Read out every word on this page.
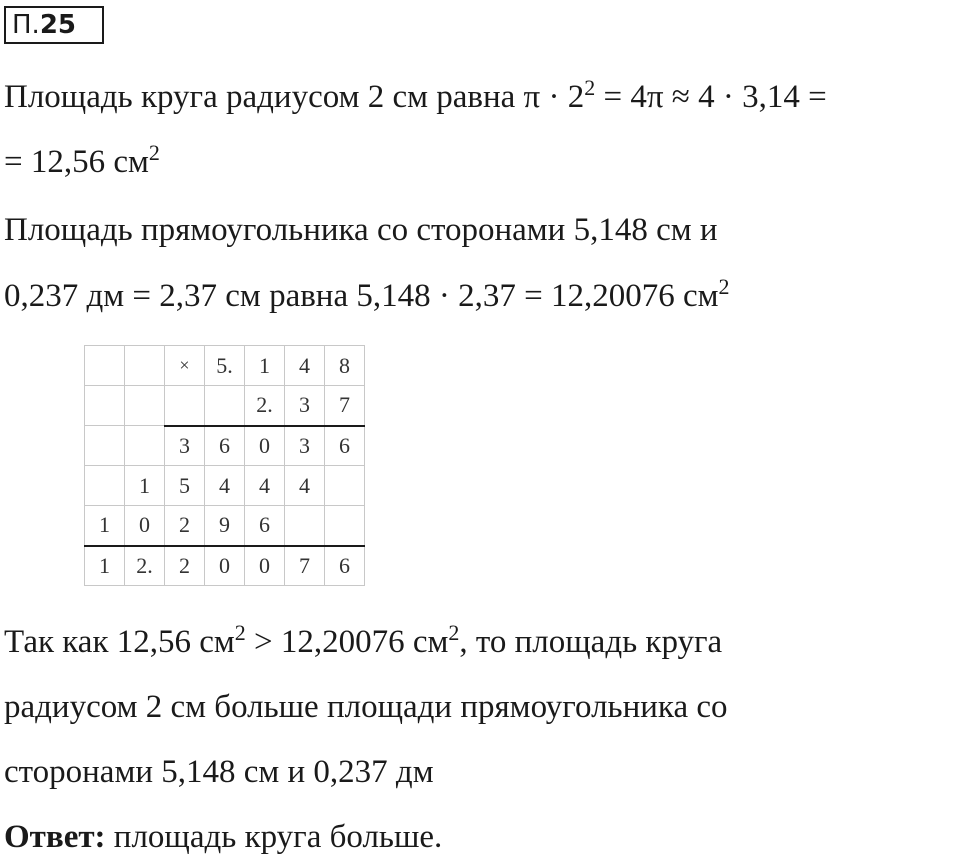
П.25
Площадь круга радиусом 2 см равна $\pi \cdot 2^2 = 4\pi \approx 4 \cdot 3,14$ =
= 12,56 $см^2$
Площадь прямоугольника со сторонами 5,148 см и
0,237 дм = 2,37 см равна 5,148 · 2,37 = 12,20076 $см^2$
		×	5.	1	4	8
				2.	3	7
		3	6	0	3	6
	1	5	4	4	4	
1	0	2	9	6		
1	2.	2	0	0	7	6
Так как 12,56 $см^2 > 12,20076$ $см^2$, то площадь круга
радиусом 2 см больше площади прямоугольника со
сторонами 5,148 см и 0,237 дм
Ответ: площадь круга больше.
